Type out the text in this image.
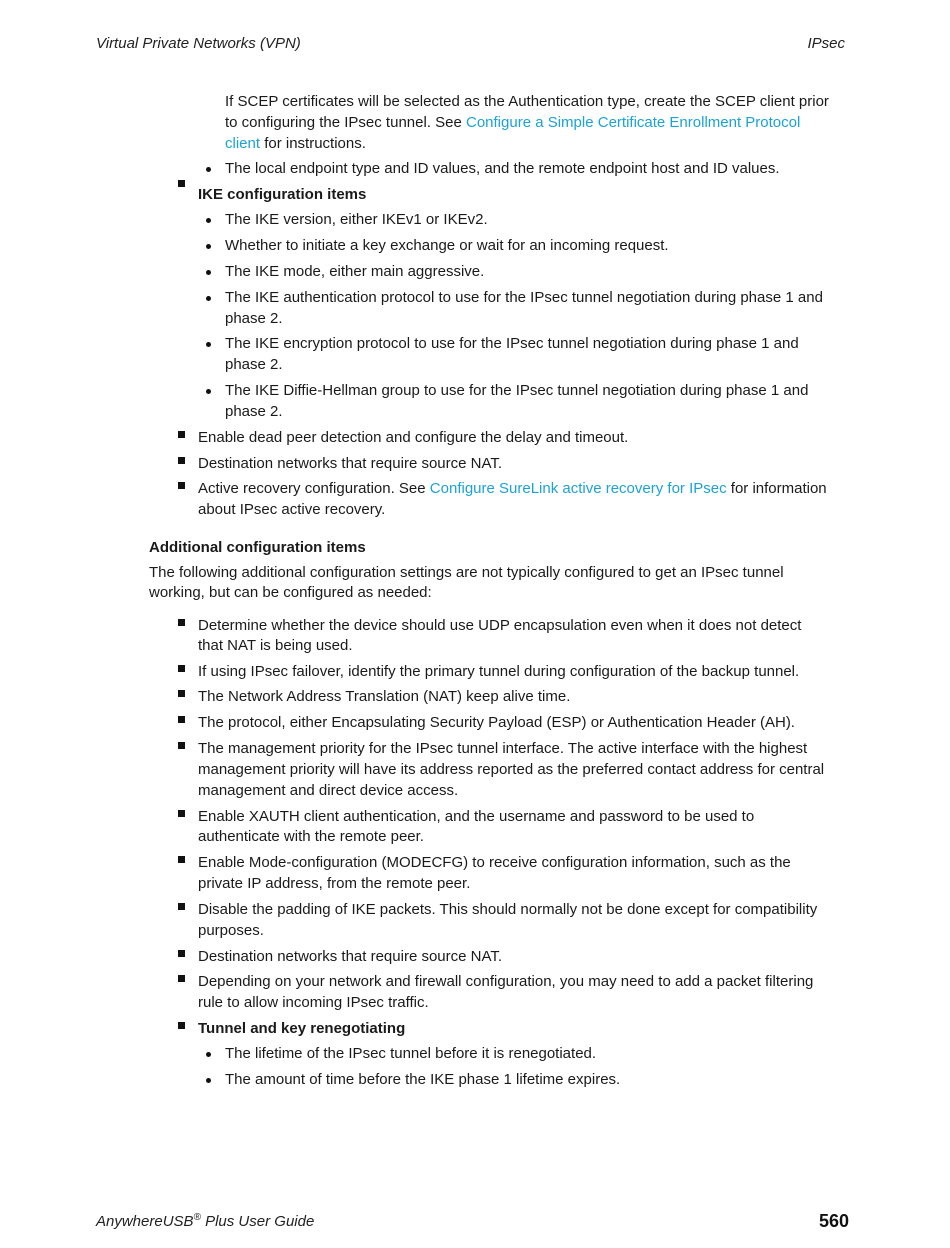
Virtual Private Networks (VPN)	IPsec
If SCEP certificates will be selected as the Authentication type, create the SCEP client prior
to configuring the IPsec tunnel. See Configure a Simple Certificate Enrollment Protocol
client for instructions.
The local endpoint type and ID values, and the remote endpoint host and ID values.
IKE configuration items
The IKE version, either IKEv1 or IKEv2.
Whether to initiate a key exchange or wait for an incoming request.
The IKE mode, either main aggressive.
The IKE authentication protocol to use for the IPsec tunnel negotiation during phase 1 and
phase 2.
The IKE encryption protocol to use for the IPsec tunnel negotiation during phase 1 and
phase 2.
The IKE Diffie-Hellman group to use for the IPsec tunnel negotiation during phase 1 and
phase 2.
Enable dead peer detection and configure the delay and timeout.
Destination networks that require source NAT.
Active recovery configuration. See Configure SureLink active recovery for IPsec for information
about IPsec active recovery.
Additional configuration items
The following additional configuration settings are not typically configured to get an IPsec tunnel
working, but can be configured as needed:
Determine whether the device should use UDP encapsulation even when it does not detect
that NAT is being used.
If using IPsec failover, identify the primary tunnel during configuration of the backup tunnel.
The Network Address Translation (NAT) keep alive time.
The protocol, either Encapsulating Security Payload (ESP) or Authentication Header (AH).
The management priority for the IPsec tunnel interface. The active interface with the highest
management priority will have its address reported as the preferred contact address for central
management and direct device access.
Enable XAUTH client authentication, and the username and password to be used to
authenticate with the remote peer.
Enable Mode-configuration (MODECFG) to receive configuration information, such as the
private IP address, from the remote peer.
Disable the padding of IKE packets. This should normally not be done except for compatibility
purposes.
Destination networks that require source NAT.
Depending on your network and firewall configuration, you may need to add a packet filtering
rule to allow incoming IPsec traffic.
Tunnel and key renegotiating
The lifetime of the IPsec tunnel before it is renegotiated.
The amount of time before the IKE phase 1 lifetime expires.
AnywhereUSB® Plus User Guide	560
